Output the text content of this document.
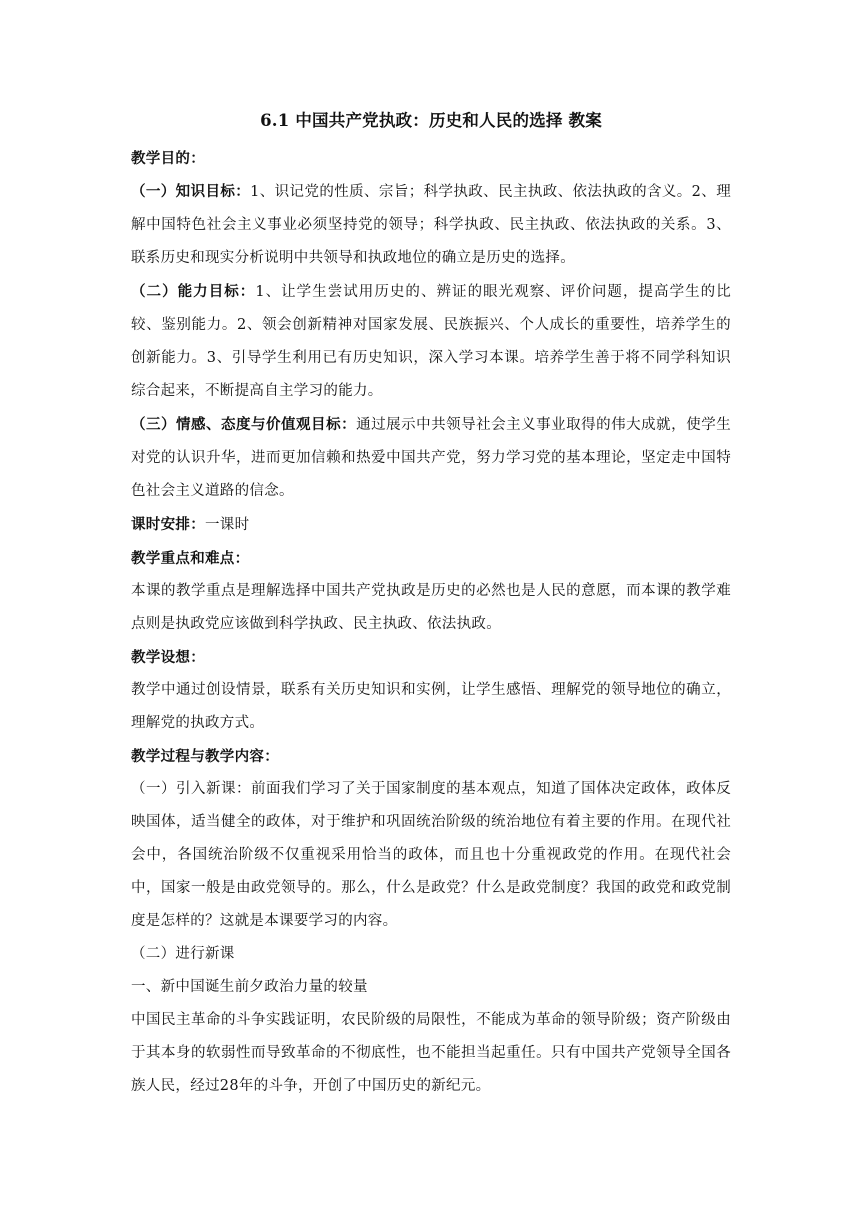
6.1 中国共产党执政：历史和人民的选择 教案

教学目的：

（一）知识目标：1、识记党的性质、宗旨；科学执政、民主执政、依法执政的含义。2、理解中国特色社会主义事业必须坚持党的领导；科学执政、民主执政、依法执政的关系。3、联系历史和现实分析说明中共领导和执政地位的确立是历史的选择。

（二）能力目标：1、让学生尝试用历史的、辨证的眼光观察、评价问题，提高学生的比较、鉴别能力。2、领会创新精神对国家发展、民族振兴、个人成长的重要性，培养学生的创新能力。3、引导学生利用已有历史知识，深入学习本课。培养学生善于将不同学科知识综合起来，不断提高自主学习的能力。

（三）情感、态度与价值观目标：通过展示中共领导社会主义事业取得的伟大成就，使学生对党的认识升华，进而更加信赖和热爱中国共产党，努力学习党的基本理论，坚定走中国特色社会主义道路的信念。

课时安排：一课时

教学重点和难点：

本课的教学重点是理解选择中国共产党执政是历史的必然也是人民的意愿，而本课的教学难点则是执政党应该做到科学执政、民主执政、依法执政。

教学设想：

教学中通过创设情景，联系有关历史知识和实例，让学生感悟、理解党的领导地位的确立，理解党的执政方式。

教学过程与教学内容：

（一）引入新课：前面我们学习了关于国家制度的基本观点，知道了国体决定政体，政体反映国体，适当健全的政体，对于维护和巩固统治阶级的统治地位有着主要的作用。在现代社会中，各国统治阶级不仅重视采用恰当的政体，而且也十分重视政党的作用。在现代社会中，国家一般是由政党领导的。那么，什么是政党？什么是政党制度？我国的政党和政党制度是怎样的？这就是本课要学习的内容。

（二）进行新课

一、新中国诞生前夕政治力量的较量

中国民主革命的斗争实践证明，农民阶级的局限性，不能成为革命的领导阶级；资产阶级由于其本身的软弱性而导致革命的不彻底性，也不能担当起重任。只有中国共产党领导全国各族人民，经过28年的斗争，开创了中国历史的新纪元。
